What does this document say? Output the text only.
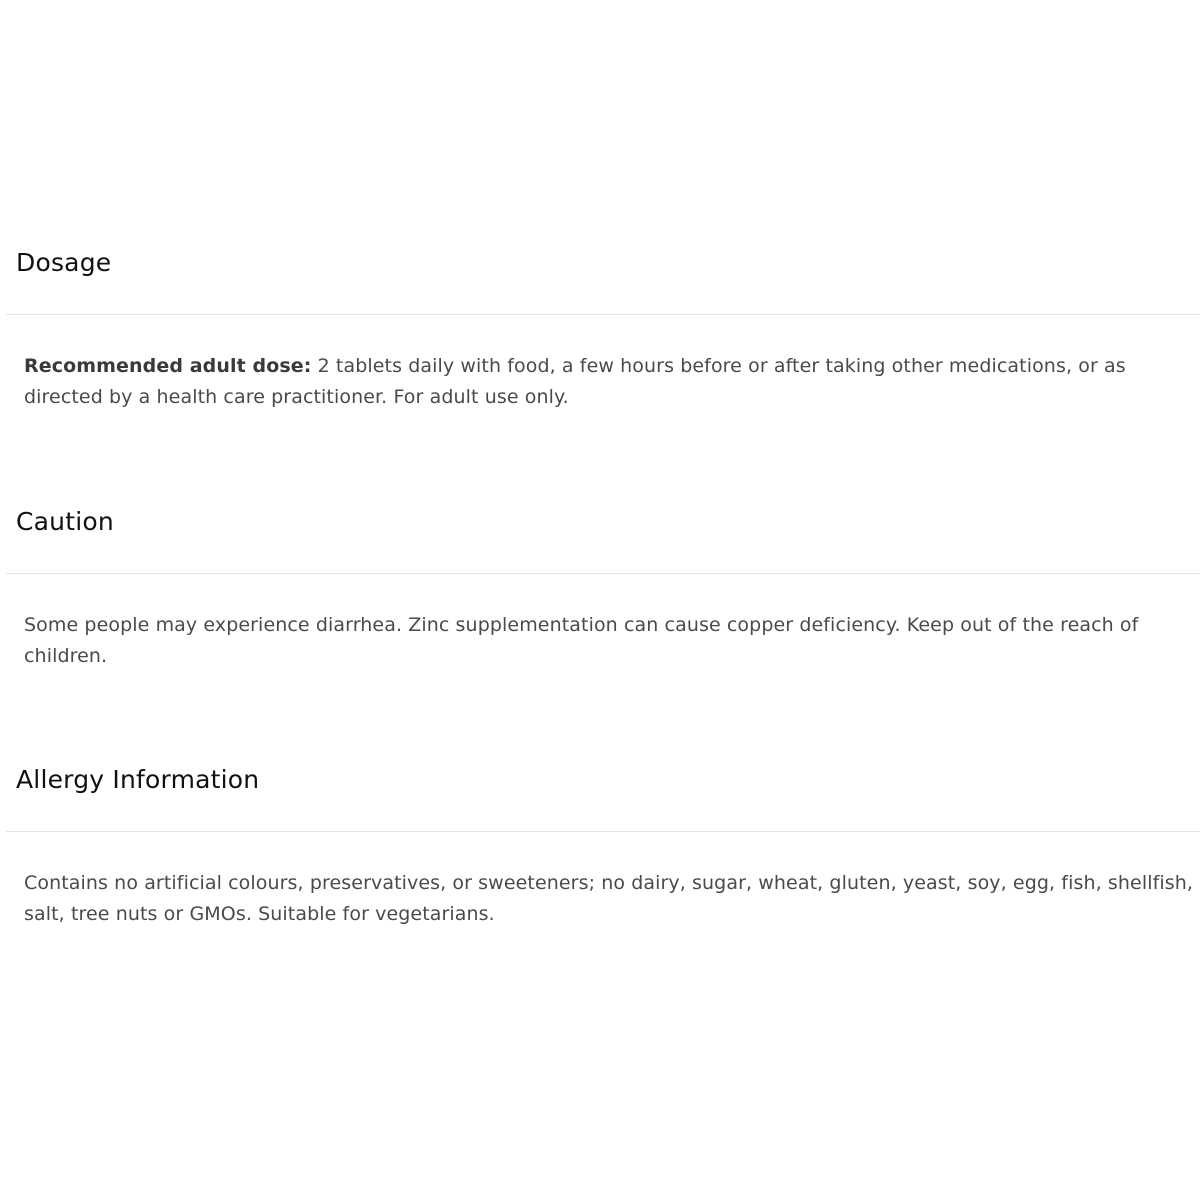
Dosage

Recommended adult dose: 2 tablets daily with food, a few hours before or after taking other medications, or as directed by a health care practitioner. For adult use only.

Caution

Some people may experience diarrhea. Zinc supplementation can cause copper deficiency. Keep out of the reach of children.

Allergy Information

Contains no artificial colours, preservatives, or sweeteners; no dairy, sugar, wheat, gluten, yeast, soy, egg, fish, shellfish, salt, tree nuts or GMOs. Suitable for vegetarians.
